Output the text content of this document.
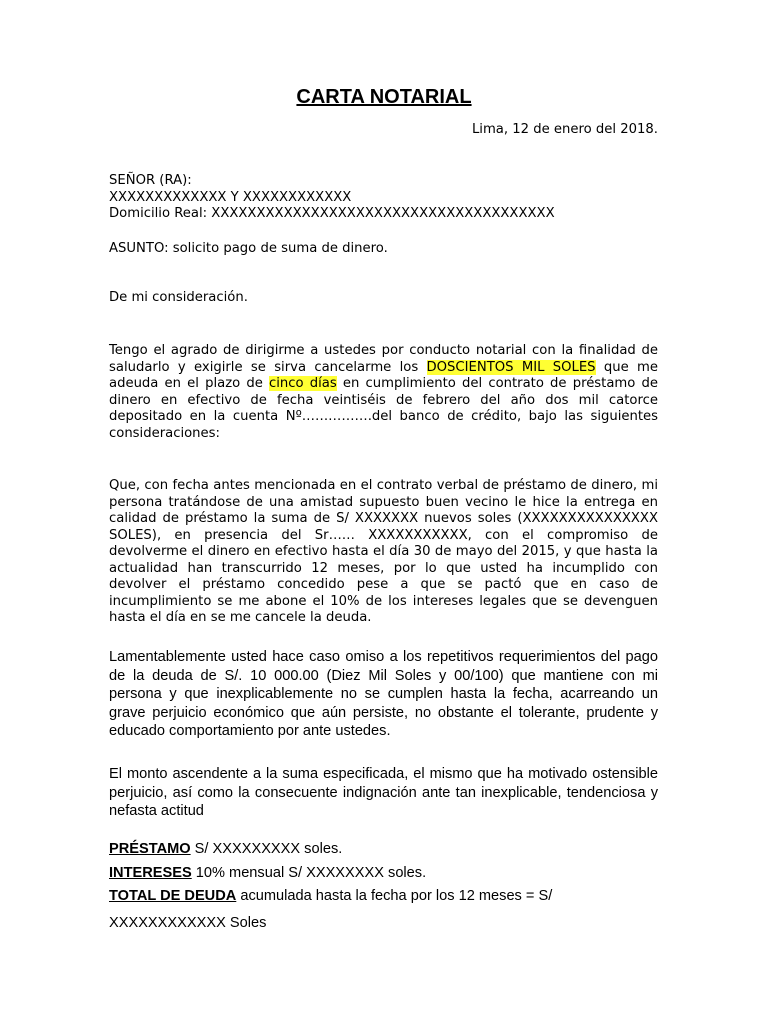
CARTA NOTARIAL

Lima, 12 de enero del 2018.

SEÑOR (RA):

XXXXXXXXXXXXX Y XXXXXXXXXXXX

Domicilio Real: XXXXXXXXXXXXXXXXXXXXXXXXXXXXXXXXXXXXXX

ASUNTO: solicito pago de suma de dinero.

De mi consideración.

Tengo el agrado de dirigirme a ustedes por conducto notarial con la finalidad de saludarlo y exigirle se sirva cancelarme los DOSCIENTOS MIL SOLES que me adeuda en el plazo de cinco días en cumplimiento del contrato de préstamo de dinero en efectivo de fecha veintiséis de febrero del año dos mil catorce depositado en la cuenta Nº…………….del banco de crédito, bajo las siguientes consideraciones:

Que, con fecha antes mencionada en el contrato verbal de préstamo de dinero, mi persona tratándose de una amistad supuesto buen vecino le hice la entrega en calidad de préstamo la suma de S/ XXXXXXX nuevos soles (XXXXXXXXXXXXXXX SOLES), en presencia del Sr…… XXXXXXXXXXX, con el compromiso de devolverme el dinero en efectivo hasta el día 30 de mayo del 2015, y que hasta la actualidad han transcurrido 12 meses, por lo que usted ha incumplido con devolver el préstamo concedido pese a que se pactó que en caso de incumplimiento se me abone el 10% de los intereses legales que se devenguen hasta el día en se me cancele la deuda.

Lamentablemente usted hace caso omiso a los repetitivos requerimientos del pago de la deuda de S/. 10 000.00 (Diez Mil Soles y 00/100) que mantiene con mi persona y que inexplicablemente no se cumplen hasta la fecha, acarreando un grave perjuicio económico que aún persiste, no obstante el tolerante, prudente y educado comportamiento por ante ustedes.

El monto ascendente a la suma especificada, el mismo que ha motivado ostensible perjuicio, así como la consecuente indignación ante tan inexplicable, tendenciosa y nefasta actitud

PRÉSTAMO S/ XXXXXXXXX soles.

INTERESES 10% mensual S/ XXXXXXXX soles.

TOTAL DE DEUDA acumulada hasta la fecha por los 12 meses = S/

XXXXXXXXXXXX Soles
